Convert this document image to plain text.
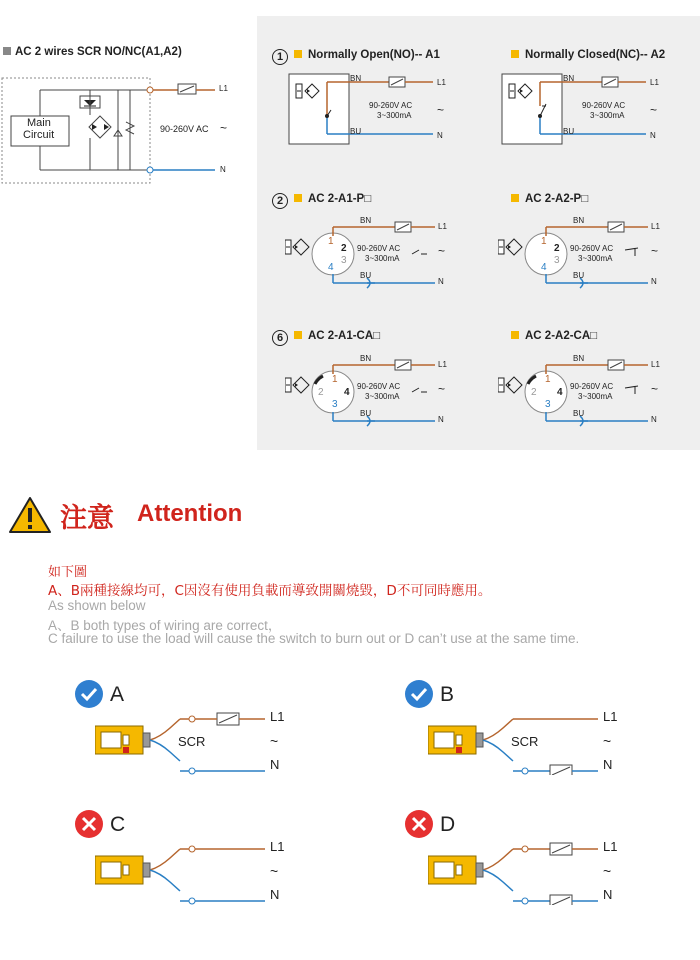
AC 2 wires SCR NO/NC(A1,A2)
Main
Circuit	90-260V AC ~
L1
N
1 Normally Open(NO)-- A1	Normally Closed(NC)-- A2
2 AC 2-A1-P□	AC 2-A2-P□
6 AC 2-A1-CA□	AC 2-A2-CA□
BN
BU
L1
N
90-260V AC
3~300mA ~
BN
BU
L1
N
90-260V AC
3~300mA ~
1
2
3
4
1
2
3
4
1
2 4
3
1
2 4
3
BN
L1
90-260V AC
3~300mA
~
BU
N
BN
L1
90-260V AC
3~300mA
~
BU
N
BN
L1
90-260V AC
3~300mA
~
BU
N
BN
L1
90-260V AC
3~300mA
~
BU
N
注意 Attention
如下圖
A、B兩種接線均可，C因沒有使用負載而導致開關燒毀，D不可同時應用。
As shown below
A、B both types of wiring are correct，
C failure to use the load will cause the switch to burn out or D can’t use at the same time.
A
SCR
L1
~
N
B
SCR
L1
~
N
C
L1
~
N
D
L1
~
N
